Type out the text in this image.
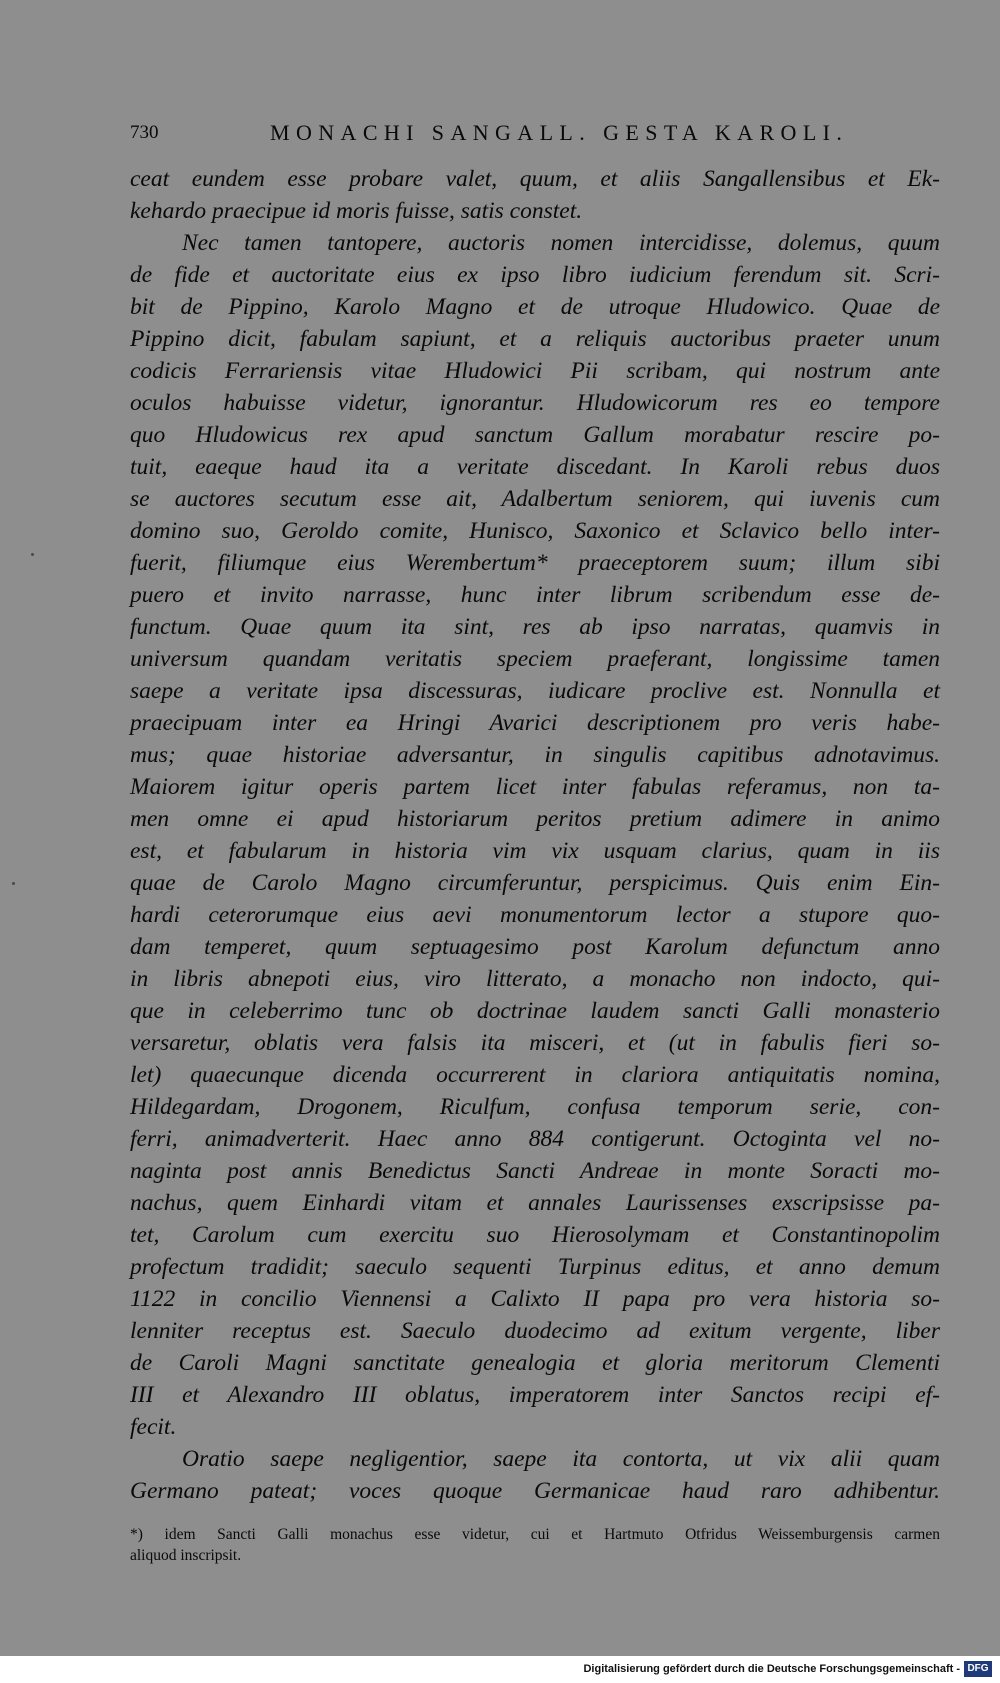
730	MONACHI SANGALL. GESTA KAROLI.
ceat eundem esse probare valet, quum, et aliis Sangallensibus et Ek-
kehardo praecipue id moris fuisse, satis constet.
Nec tamen tantopere, auctoris nomen intercidisse, dolemus, quum
de fide et auctoritate eius ex ipso libro iudicium ferendum sit. Scri-
bit de Pippino, Karolo Magno et de utroque Hludowico. Quae de
Pippino dicit, fabulam sapiunt, et a reliquis auctoribus praeter unum
codicis Ferrariensis vitae Hludowici Pii scribam, qui nostrum ante
oculos habuisse videtur, ignorantur. Hludowicorum res eo tempore
quo Hludowicus rex apud sanctum Gallum morabatur rescire po-
tuit, eaeque haud ita a veritate discedant. In Karoli rebus duos
se auctores secutum esse ait, Adalbertum seniorem, qui iuvenis cum
domino suo, Geroldo comite, Hunisco, Saxonico et Sclavico bello inter-
fuerit, filiumque eius Werembertum* praeceptorem suum; illum sibi
puero et invito narrasse, hunc inter librum scribendum esse de-
functum. Quae quum ita sint, res ab ipso narratas, quamvis in
universum quandam veritatis speciem praeferant, longissime tamen
saepe a veritate ipsa discessuras, iudicare proclive est. Nonnulla et
praecipuam inter ea Hringi Avarici descriptionem pro veris habe-
mus; quae historiae adversantur, in singulis capitibus adnotavimus.
Maiorem igitur operis partem licet inter fabulas referamus, non ta-
men omne ei apud historiarum peritos pretium adimere in animo
est, et fabularum in historia vim vix usquam clarius, quam in iis
quae de Carolo Magno circumferuntur, perspicimus. Quis enim Ein-
hardi ceterorumque eius aevi monumentorum lector a stupore quo-
dam temperet, quum septuagesimo post Karolum defunctum anno
in libris abnepoti eius, viro litterato, a monacho non indocto, qui-
que in celeberrimo tunc ob doctrinae laudem sancti Galli monasterio
versaretur, oblatis vera falsis ita misceri, et (ut in fabulis fieri so-
let) quaecunque dicenda occurrerent in clariora antiquitatis nomina,
Hildegardam, Drogonem, Riculfum, confusa temporum serie, con-
ferri, animadverterit. Haec anno 884 contigerunt. Octoginta vel no-
naginta post annis Benedictus Sancti Andreae in monte Soracti mo-
nachus, quem Einhardi vitam et annales Laurissenses exscripsisse pa-
tet, Carolum cum exercitu suo Hierosolymam et Constantinopolim
profectum tradidit; saeculo sequenti Turpinus editus, et anno demum
1122 in concilio Viennensi a Calixto II papa pro vera historia so-
lenniter receptus est. Saeculo duodecimo ad exitum vergente, liber
de Caroli Magni sanctitate genealogia et gloria meritorum Clementi
III et Alexandro III oblatus, imperatorem inter Sanctos recipi ef-
fecit.
Oratio saepe negligentior, saepe ita contorta, ut vix alii quam
Germano pateat; voces quoque Germanicae haud raro adhibentur.
*) idem Sancti Galli monachus esse videtur, cui et Hartmuto Otfridus Weissemburgensis carmen
aliquod inscripsit.
Digitalisierung gefördert durch die Deutsche Forschungsgemeinschaft - DFG
